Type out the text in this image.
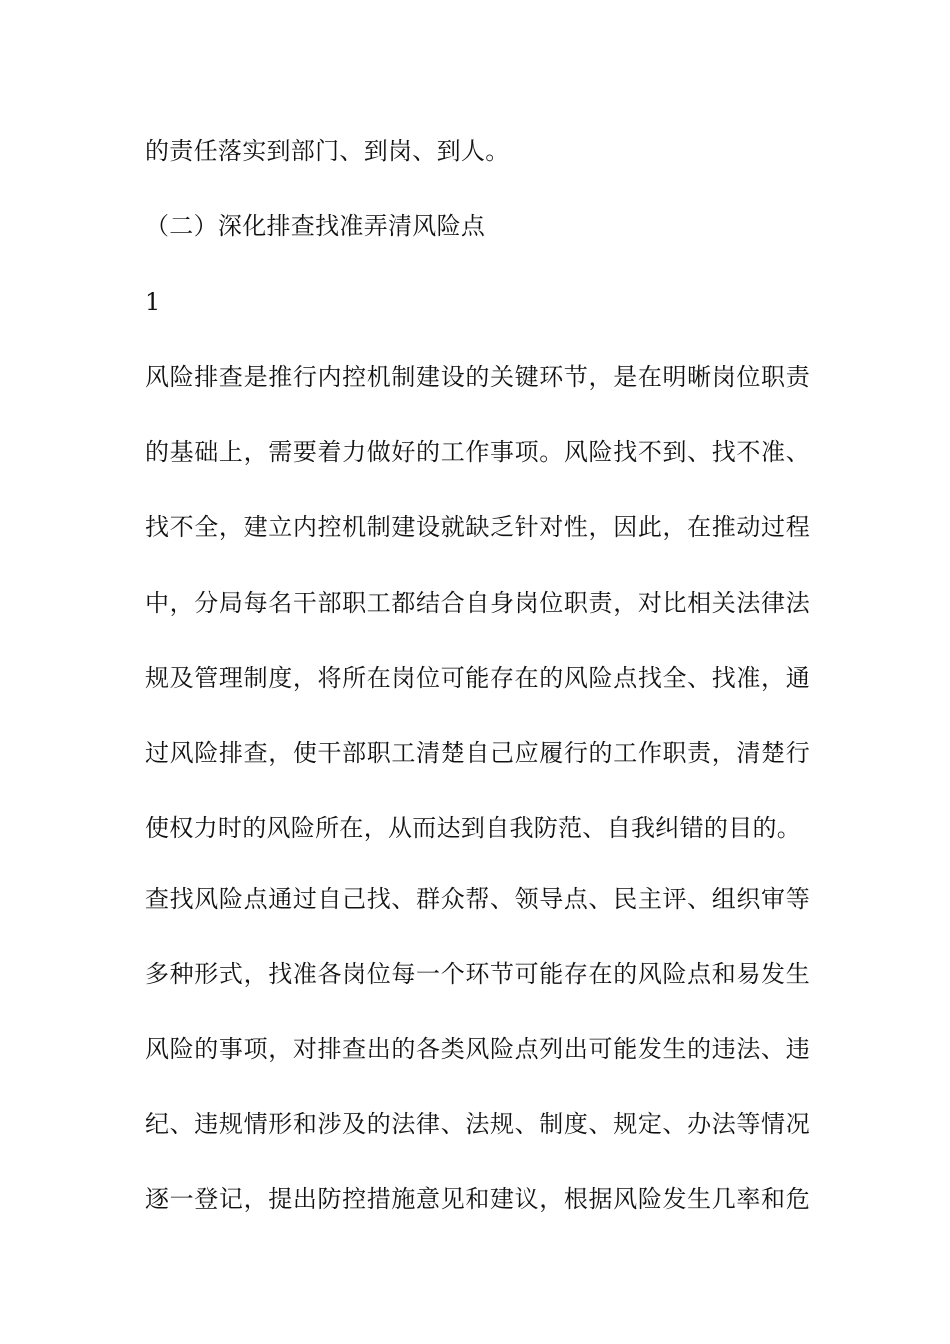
的责任落实到部门、到岗、到人。
（二）深化排查找准弄清风险点
1
风险排查是推行内控机制建设的关键环节，是在明晰岗位职责
的基础上，需要着力做好的工作事项。风险找不到、找不准、
找不全，建立内控机制建设就缺乏针对性，因此，在推动过程
中，分局每名干部职工都结合自身岗位职责，对比相关法律法
规及管理制度，将所在岗位可能存在的风险点找全、找准，通
过风险排查，使干部职工清楚自己应履行的工作职责，清楚行
使权力时的风险所在，从而达到自我防范、自我纠错的目的。
查找风险点通过自己找、群众帮、领导点、民主评、组织审等
多种形式，找准各岗位每一个环节可能存在的风险点和易发生
风险的事项，对排查出的各类风险点列出可能发生的违法、违
纪、违规情形和涉及的法律、法规、制度、规定、办法等情况
逐一登记，提出防控措施意见和建议，根据风险发生几率和危
